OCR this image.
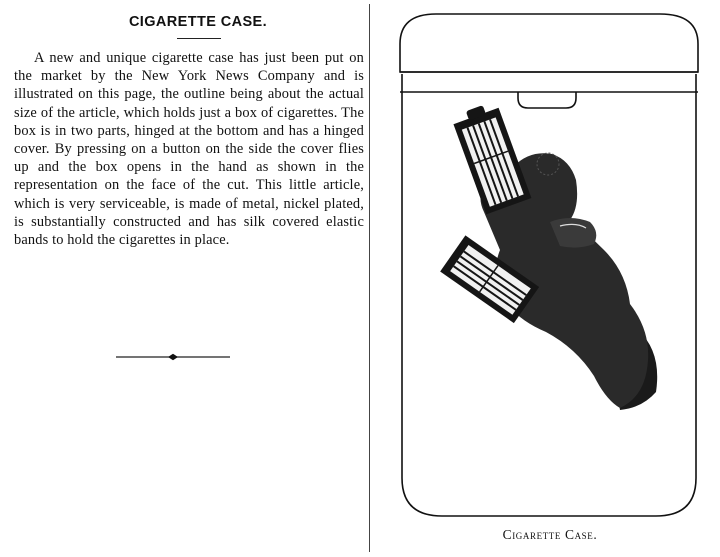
CIGARETTE CASE.

A new and unique cigarette case has just been put on the market by the New York News Company and is illustrated on this page, the outline being about the actual size of the article, which holds just a box of cigarettes. The box is in two parts, hinged at the bottom and has a hinged cover. By pressing on a button on the side the cover flies up and the box opens in the hand as shown in the representation on the face of the cut. This little article, which is very serviceable, is made of metal, nickel plated, is substantially constructed and has silk covered elastic bands to hold the cigarettes in place.

Cigarette Case.
